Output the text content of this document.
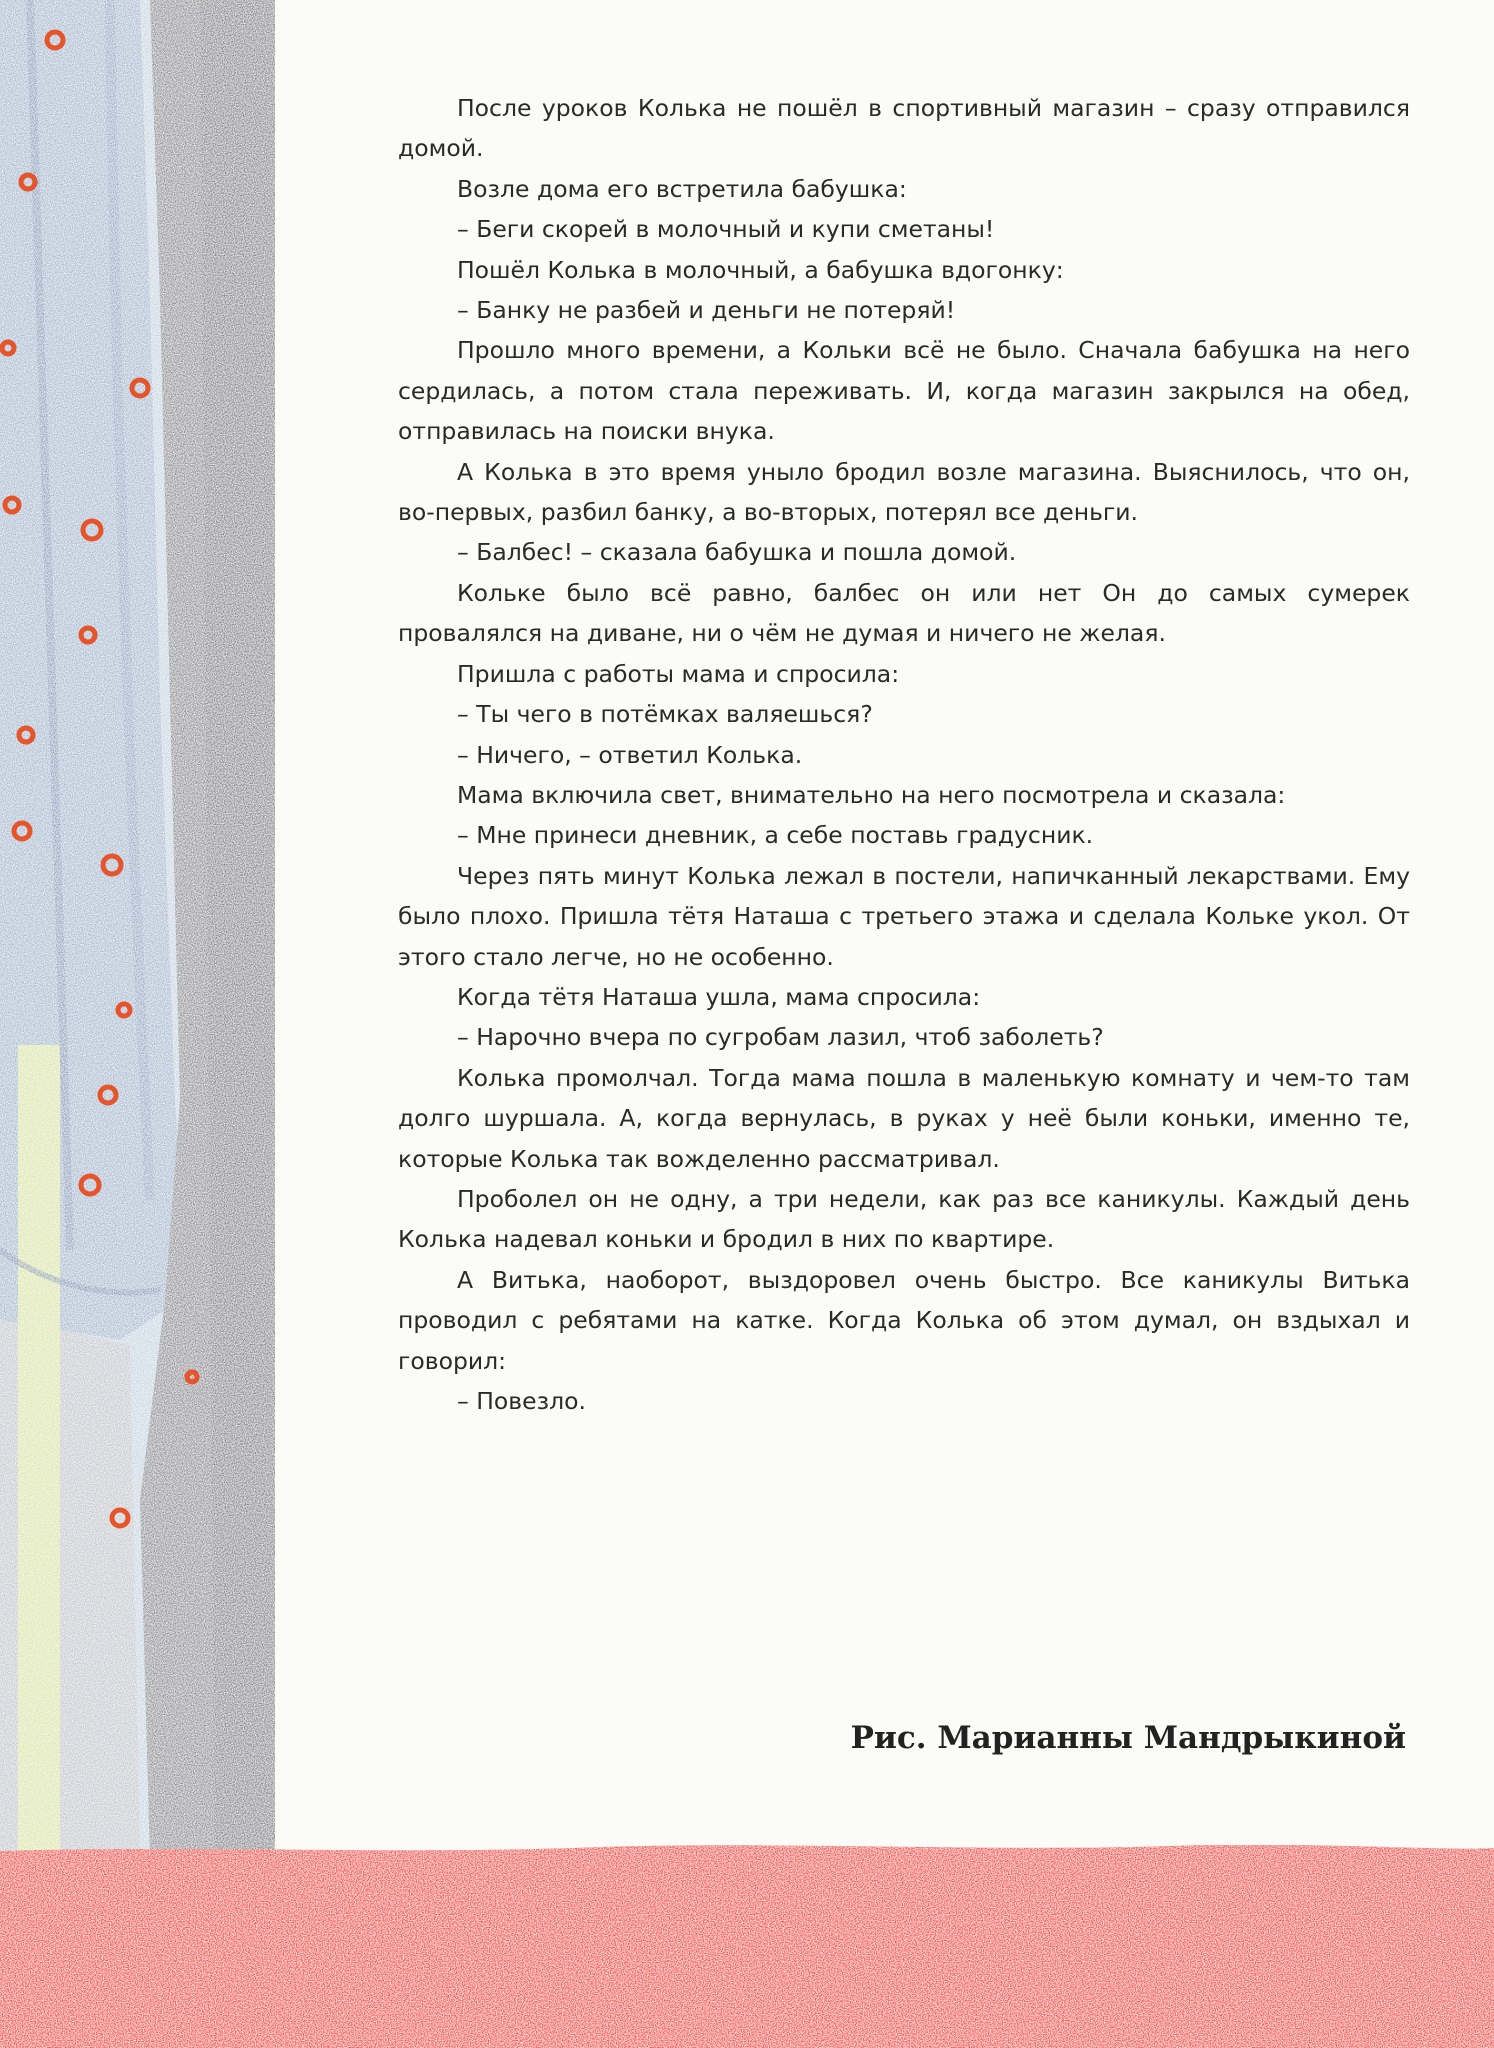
После уроков Колька не пошёл в спортивный магазин – сразу отправился домой.

Возле дома его встретила бабушка:

– Беги скорей в молочный и купи сметаны!

Пошёл Колька в молочный, а бабушка вдогонку:

– Банку не разбей и деньги не потеряй!

Прошло много времени, а Кольки всё не было. Сначала бабушка на него сердилась, а потом стала переживать. И, когда магазин закрылся на обед, отправилась на поиски внука.

А Колька в это время уныло бродил возле магазина. Выяснилось, что он, во-первых, разбил банку, а во-вторых, потерял все деньги.

– Балбес! – сказала бабушка и пошла домой.

Кольке было всё равно, балбес он или нет Он до самых сумерек провалялся на диване, ни о чём не думая и ничего не желая.

Пришла с работы мама и спросила:

– Ты чего в потёмках валяешься?

– Ничего, – ответил Колька.

Мама включила свет, внимательно на него посмотрела и сказала:

– Мне принеси дневник, а себе поставь градусник.

Через пять минут Колька лежал в постели, напичканный лекарствами. Ему было плохо. Пришла тётя Наташа с третьего этажа и сделала Кольке укол. От этого стало легче, но не особенно.

Когда тётя Наташа ушла, мама спросила:

– Нарочно вчера по сугробам лазил, чтоб заболеть?

Колька промолчал. Тогда мама пошла в маленькую комнату и чем-то там долго шуршала. А, когда вернулась, в руках у неё были коньки, именно те, которые Колька так вожделенно рассматривал.

Проболел он не одну, а три недели, как раз все каникулы. Каждый день Колька надевал коньки и бродил в них по квартире.

А Витька, наоборот, выздоровел очень быстро. Все каникулы Витька проводил с ребятами на катке. Когда Колька об этом думал, он вздыхал и говорил:

– Повезло.

Рис. Марианны Мандрыкиной
